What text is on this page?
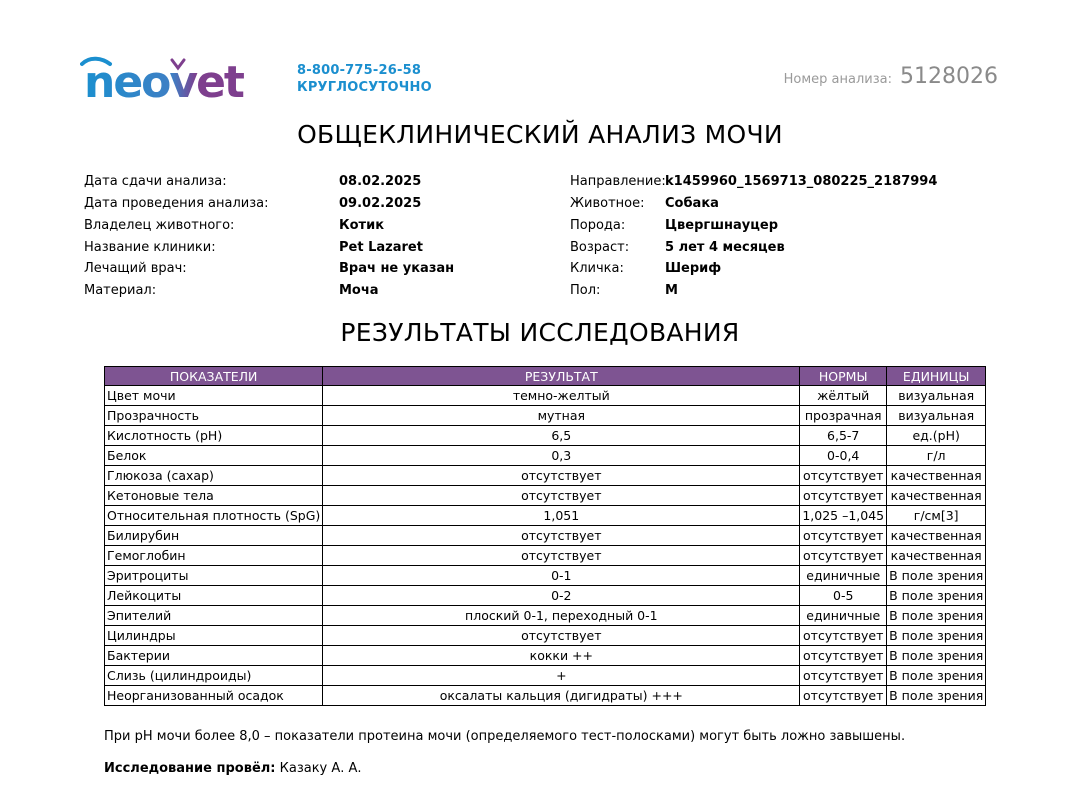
neovet	8-800-775-26-58
КРУГЛОСУТОЧНО
Номер анализа: 5128026
ОБЩЕКЛИНИЧЕСКИЙ АНАЛИЗ МОЧИ
Дата сдачи анализа:	08.02.2025
Дата проведения анализа:	09.02.2025
Владелец животного:	Котик
Название клиники:	Pet Lazaret
Лечащий врач:	Врач не указан
Материал:	Моча
Направление: k1459960_1569713_080225_2187994
Животное: Собака
Порода:	Цвергшнауцер
Возраст:	5 лет 4 месяцев
Кличка:	Шериф
Пол:	М
РЕЗУЛЬТАТЫ ИССЛЕДОВАНИЯ
ПОКАЗАТЕЛИ	РЕЗУЛЬТАТ	НОРМЫ	ЕДИНИЦЫ
Цвет мочи	темно-желтый	жёлтый	визуальная
Прозрачность	мутная	прозрачная	визуальная
Кислотность (pH)	6,5	6,5-7	ед.(pH)
Белок	0,3	0-0,4	г/л
Глюкоза (сахар)	отсутствует	отсутствует	качественная
Кетоновые тела	отсутствует	отсутствует	качественная
Относительная плотность (SpG)	1,051	1,025 –1,045	г/см[3]
Билирубин	отсутствует	отсутствует	качественная
Гемоглобин	отсутствует	отсутствует	качественная
Эритроциты	0-1	единичные	В поле зрения
Лейкоциты	0-2	0-5	В поле зрения
Эпителий	плоский 0-1, переходный 0-1	единичные	В поле зрения
Цилиндры	отсутствует	отсутствует	В поле зрения
Бактерии	кокки ++	отсутствует	В поле зрения
Слизь (цилиндроиды)	+	отсутствует	В поле зрения
Неорганизованный осадок	оксалаты кальция (дигидраты) +++	отсутствует	В поле зрения
При pH мочи более 8,0 – показатели протеина мочи (определяемого тест-полосками) могут быть ложно завышены.
Исследование провёл: Казаку А. А.
